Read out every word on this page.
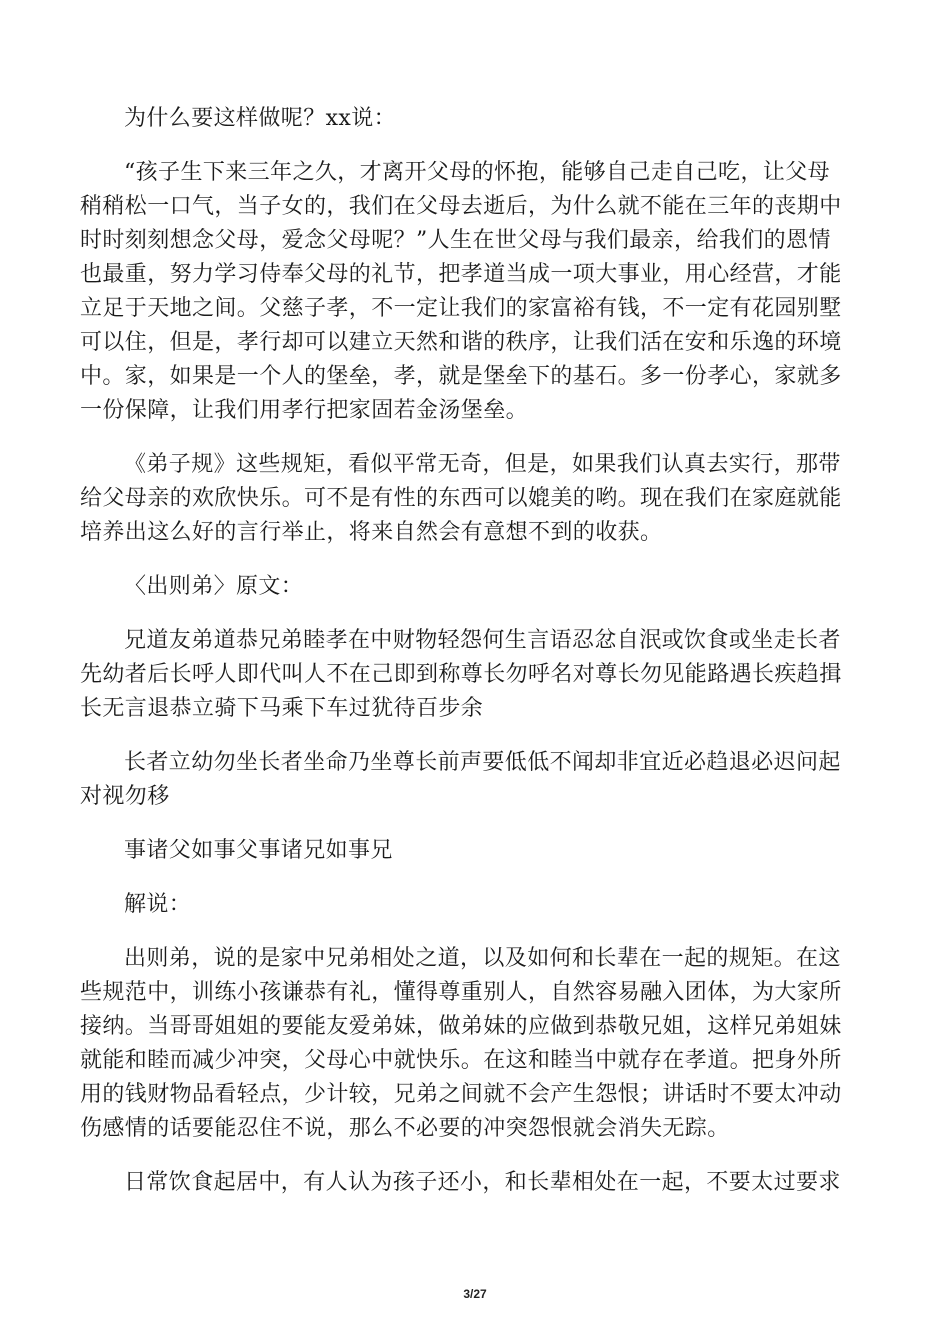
为什么要这样做呢？xx说：

“孩子生下来三年之久，才离开父母的怀抱，能够自己走自己吃，让父母稍稍松一口气，当子女的，我们在父母去逝后，为什么就不能在三年的丧期中时时刻刻想念父母，爱念父母呢？”人生在世父母与我们最亲，给我们的恩情也最重，努力学习侍奉父母的礼节，把孝道当成一项大事业，用心经营，才能立足于天地之间。父慈子孝，不一定让我们的家富裕有钱，不一定有花园别墅可以住，但是，孝行却可以建立天然和谐的秩序，让我们活在安和乐逸的环境中。家，如果是一个人的堡垒，孝，就是堡垒下的基石。多一份孝心，家就多一份保障，让我们用孝行把家固若金汤堡垒。

《弟子规》这些规矩，看似平常无奇，但是，如果我们认真去实行，那带给父母亲的欢欣快乐。可不是有性的东西可以媲美的哟。现在我们在家庭就能培养出这么好的言行举止，将来自然会有意想不到的收获。

〈出则弟〉原文：

兄道友弟道恭兄弟睦孝在中财物轻怨何生言语忍忿自泯或饮食或坐走长者先幼者后长呼人即代叫人不在己即到称尊长勿呼名对尊长勿见能路遇长疾趋揖长无言退恭立骑下马乘下车过犹待百步余

长者立幼勿坐长者坐命乃坐尊长前声要低低不闻却非宜近必趋退必迟问起对视勿移

事诸父如事父事诸兄如事兄

解说：

出则弟，说的是家中兄弟相处之道，以及如何和长辈在一起的规矩。在这些规范中，训练小孩谦恭有礼，懂得尊重别人，自然容易融入团体，为大家所接纳。当哥哥姐姐的要能友爱弟妹，做弟妹的应做到恭敬兄姐，这样兄弟姐妹就能和睦而减少冲突，父母心中就快乐。在这和睦当中就存在孝道。把身外所用的钱财物品看轻点，少计较，兄弟之间就不会产生怨恨；讲话时不要太冲动伤感情的话要能忍住不说，那么不必要的冲突怨恨就会消失无踪。

日常饮食起居中，有人认为孩子还小，和长辈相处在一起，不要太过要求

3/27
